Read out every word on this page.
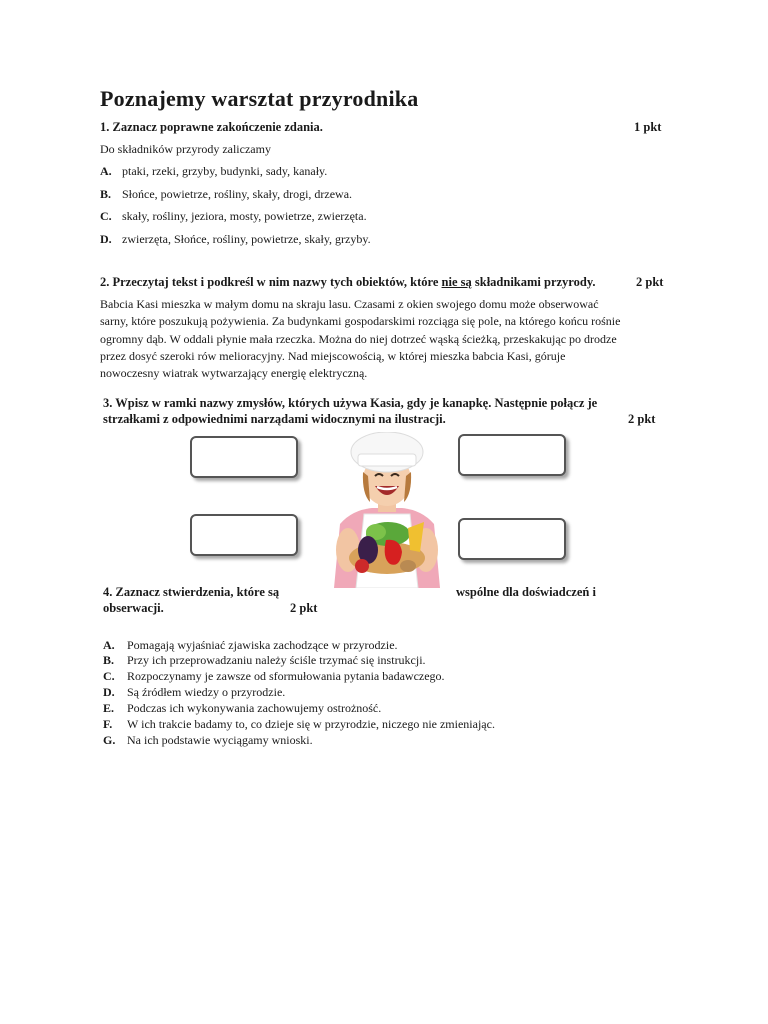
Poznajemy warsztat przyrodnika
1. Zaznacz poprawne zakończenie zdania.	1 pkt
Do składników przyrody zaliczamy
A. ptaki, rzeki, grzyby, budynki, sady, kanały.
B. Słońce, powietrze, rośliny, skały, drogi, drzewa.
C. skały, rośliny, jeziora, mosty, powietrze, zwierzęta.
D. zwierzęta, Słońce, rośliny, powietrze, skały, grzyby.
2. Przeczytaj tekst i podkreśl w nim nazwy tych obiektów, które nie są składnikami przyrody.	2 pkt
Babcia Kasi mieszka w małym domu na skraju lasu. Czasami z okien swojego domu może obserwować
sarny, które poszukują pożywienia. Za budynkami gospodarskimi rozciąga się pole, na którego końcu rośnie
ogromny dąb. W oddali płynie mała rzeczka. Można do niej dotrzeć wąską ścieżką, przeskakując po drodze
przez dosyć szeroki rów melioracyjny. Nad miejscowością, w której mieszka babcia Kasi, góruje
nowoczesny wiatrak wytwarzający energię elektryczną.
3. Wpisz w ramki nazwy zmysłów, których używa Kasia, gdy je kanapkę. Następnie połącz je
strzałkami z odpowiednimi narządami widocznymi na ilustracji.	2 pkt
4. Zaznacz stwierdzenia, które są	wspólne dla doświadczeń i
obserwacji.	2 pkt
A. Pomagają wyjaśniać zjawiska zachodzące w przyrodzie.
B. Przy ich przeprowadzaniu należy ściśle trzymać się instrukcji.
C. Rozpoczynamy je zawsze od sformułowania pytania badawczego.
D. Są źródłem wiedzy o przyrodzie.
E. Podczas ich wykonywania zachowujemy ostrożność.
F. W ich trakcie badamy to, co dzieje się w przyrodzie, niczego nie zmieniając.
G. Na ich podstawie wyciągamy wnioski.
